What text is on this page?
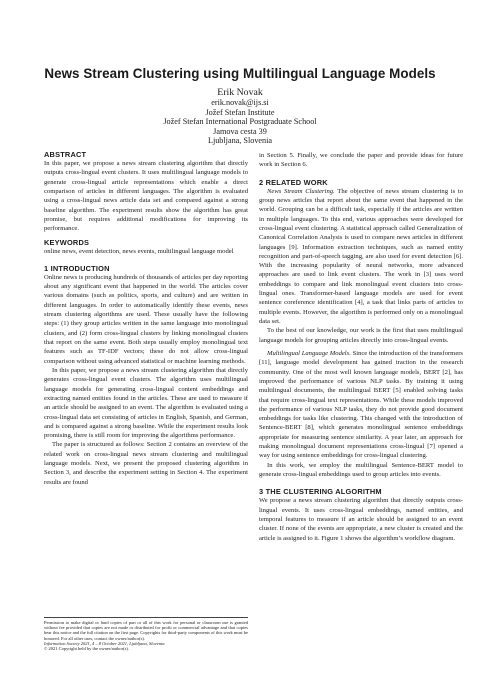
News Stream Clustering using Multilingual Language Models
Erik Novak
erik.novak@ijs.si
Jožef Stefan Institute
Jožef Stefan International Postgraduate School
Jamova cesta 39
Ljubljana, Slovenia
ABSTRACT

In this paper, we propose a news stream clustering algorithm that directly outputs cross-lingual event clusters. It uses multilingual language models to generate cross-lingual article representations which enable a direct comparison of articles in different languages. The algorithm is evaluated using a cross-lingual news article data set and compared against a strong baseline algorithm. The experiment results show the algorithm has great promise, but requires additional modifications for improving its performance.

KEYWORDS

online news, event detection, news events, multilingual language model

1 INTRODUCTION

Online news is producing hundreds of thousands of articles per day reporting about any significant event that happened in the world. The articles cover various domains (such as politics, sports, and culture) and are written in different languages. In order to automatically identify these events, news stream clustering algorithms are used. These usually have the following steps: (1) they group articles written in the same language into monolingual clusters, and (2) form cross-lingual clusters by linking monolingual clusters that report on the same event. Both steps usually employ monolingual text features such as TF-IDF vectors; these do not allow cross-lingual comparison without using advanced statistical or machine learning methods.

In this paper, we propose a news stream clustering algorithm that directly generates cross-lingual event clusters. The algorithm uses multilingual language models for generating cross-lingual content embeddings and extracting named entities found in the articles. These are used to measure if an article should be assigned to an event. The algorithm is evaluated using a cross-lingual data set consisting of articles in English, Spanish, and German, and is compared against a strong baseline. While the experiment results look promising, there is still room for improving the algorithms performance.

The paper is structured as follows: Section 2 contains an overview of the related work on cross-lingual news stream clustering and multilingual language models. Next, we present the proposed clustering algorithm in Section 3, and describe the experiment setting in Section 4. The experiment results are found

in Section 5. Finally, we conclude the paper and provide ideas for future work in Section 6.

2 RELATED WORK

News Stream Clustering. The objective of news stream clustering is to group news articles that report about the same event that happened in the world. Grouping can be a difficult task, especially if the articles are written in multiple languages. To this end, various approaches were developed for cross-lingual event clustering. A statistical approach called Generalization of Canonical Correlation Analysis is used to compare news articles in different languages [9]. Information extraction techniques, such as named entity recognition and part-of-speech tagging, are also used for event detection [6]. With the increasing popularity of neural networks, more advanced approaches are used to link event clusters. The work in [3] uses word embeddings to compare and link monolingual event clusters into cross-lingual ones. Transformer-based language models are used for event sentence coreference identification [4], a task that links parts of articles to multiple events. However, the algorithm is performed only on a monolingual data set.

To the best of our knowledge, our work is the first that uses multilingual language models for grouping articles directly into cross-lingual events.

Multilingual Language Models. Since the introduction of the transformers [11], language model development has gained traction in the research community. One of the most well known language models, BERT [2], has improved the performance of various NLP tasks. By training it using multilingual documents, the multilingual BERT [5] enabled solving tasks that require cross-lingual text representations. While these models improved the performance of various NLP tasks, they do not provide good document embeddings for tasks like clustering. This changed with the introduction of Sentence-BERT [8], which generates monolingual sentence embeddings appropriate for measuring sentence similarity. A year later, an approach for making monolingual document representations cross-lingual [7] opened a way for using sentence embeddings for cross-lingual clustering.

In this work, we employ the multilingual Sentence-BERT model to generate cross-lingual embeddings used to group articles into events.

3 THE CLUSTERING ALGORITHM

We propose a news stream clustering algorithm that directly outputs cross-lingual events. It uses cross-lingual embeddings, named entities, and temporal features to measure if an article should be assigned to an event cluster. If none of the events are appropriate, a new cluster is created and the article is assigned to it. Figure 1 shows the algorithm’s workflow diagram.

Permission to make digital or hard copies of part or all of this work for personal or classroom use is granted without fee provided that copies are not made or distributed for profit or commercial advantage and that copies bear this notice and the full citation on the first page. Copyrights for third-party components of this work must be honored. For all other uses, contact the owner/author(s).
Information Society 2021, 4 – 8 October 2021, Ljubljana, Slovenia
© 2021 Copyright held by the owner/author(s).
